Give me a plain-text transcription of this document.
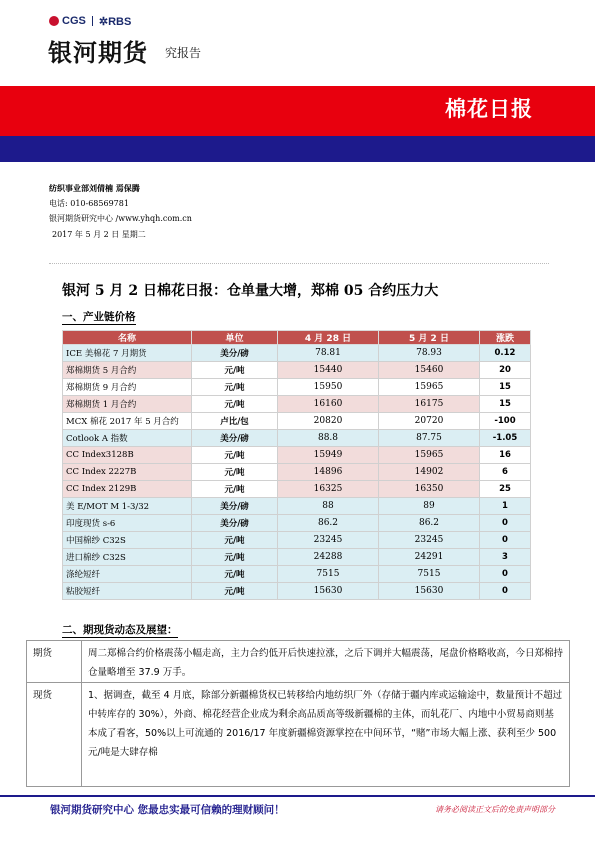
CGS ✲RBS
银河期货 究报告
棉花日报
纺织事业部刘倩楠 焉保腾
电话: 010-68569781
银河期货研究中心 /www.yhqh.com.cn
2017 年 5 月 2 日 星期二
银河 5 月 2 日棉花日报：仓单量大增，郑棉 05 合约压力大
一、产业链价格
名称	单位	4 月 28 日	5 月 2 日	涨跌
ICE 美棉花 7 月期货	美分/磅	78.81	78.93	0.12
郑棉期货 5 月合约	元/吨	15440	15460	20
郑棉期货 9 月合约	元/吨	15950	15965	15
郑棉期货 1 月合约	元/吨	16160	16175	15
MCX 棉花 2017 年 5 月合约	卢比/包	20820	20720	-100
Cotlook A 指数	美分/磅	88.8	87.75	-1.05
CC Index3128B	元/吨	15949	15965	16
CC Index 2227B	元/吨	14896	14902	6
CC Index 2129B	元/吨	16325	16350	25
美 E/MOT M 1-3/32	美分/磅	88	89	1
印度现货 s-6	美分/磅	86.2	86.2	0
中国棉纱 C32S	元/吨	23245	23245	0
进口棉纱 C32S	元/吨	24288	24291	3
涤纶短纤	元/吨	7515	7515	0
粘胶短纤	元/吨	15630	15630	0
二、期现货动态及展望：
期货	周二郑棉合约价格震荡小幅走高，主力合约低开后快速拉涨，之后下调并大幅震荡，尾盘价格略收高，今日郑棉持仓量略增至 37.9 万手。
现货	1、据调查，截至 4 月底，除部分新疆棉货权已转移给内地纺织厂外（存储于疆内库或运输途中，数量预计不超过中转库存的 30%），外商、棉花经营企业成为剩余高品质高等级新疆棉的主体，而轧花厂、内地中小贸易商则基本成了看客，50%以上可流通的 2016/17 年度新疆棉资源掌控在中间环节，“赌”市场大幅上涨、获利至少 500 元/吨是大肆存棉
银河期货研究中心 您最忠实最可信赖的理财顾问！	请务必阅读正文后的免责声明部分
